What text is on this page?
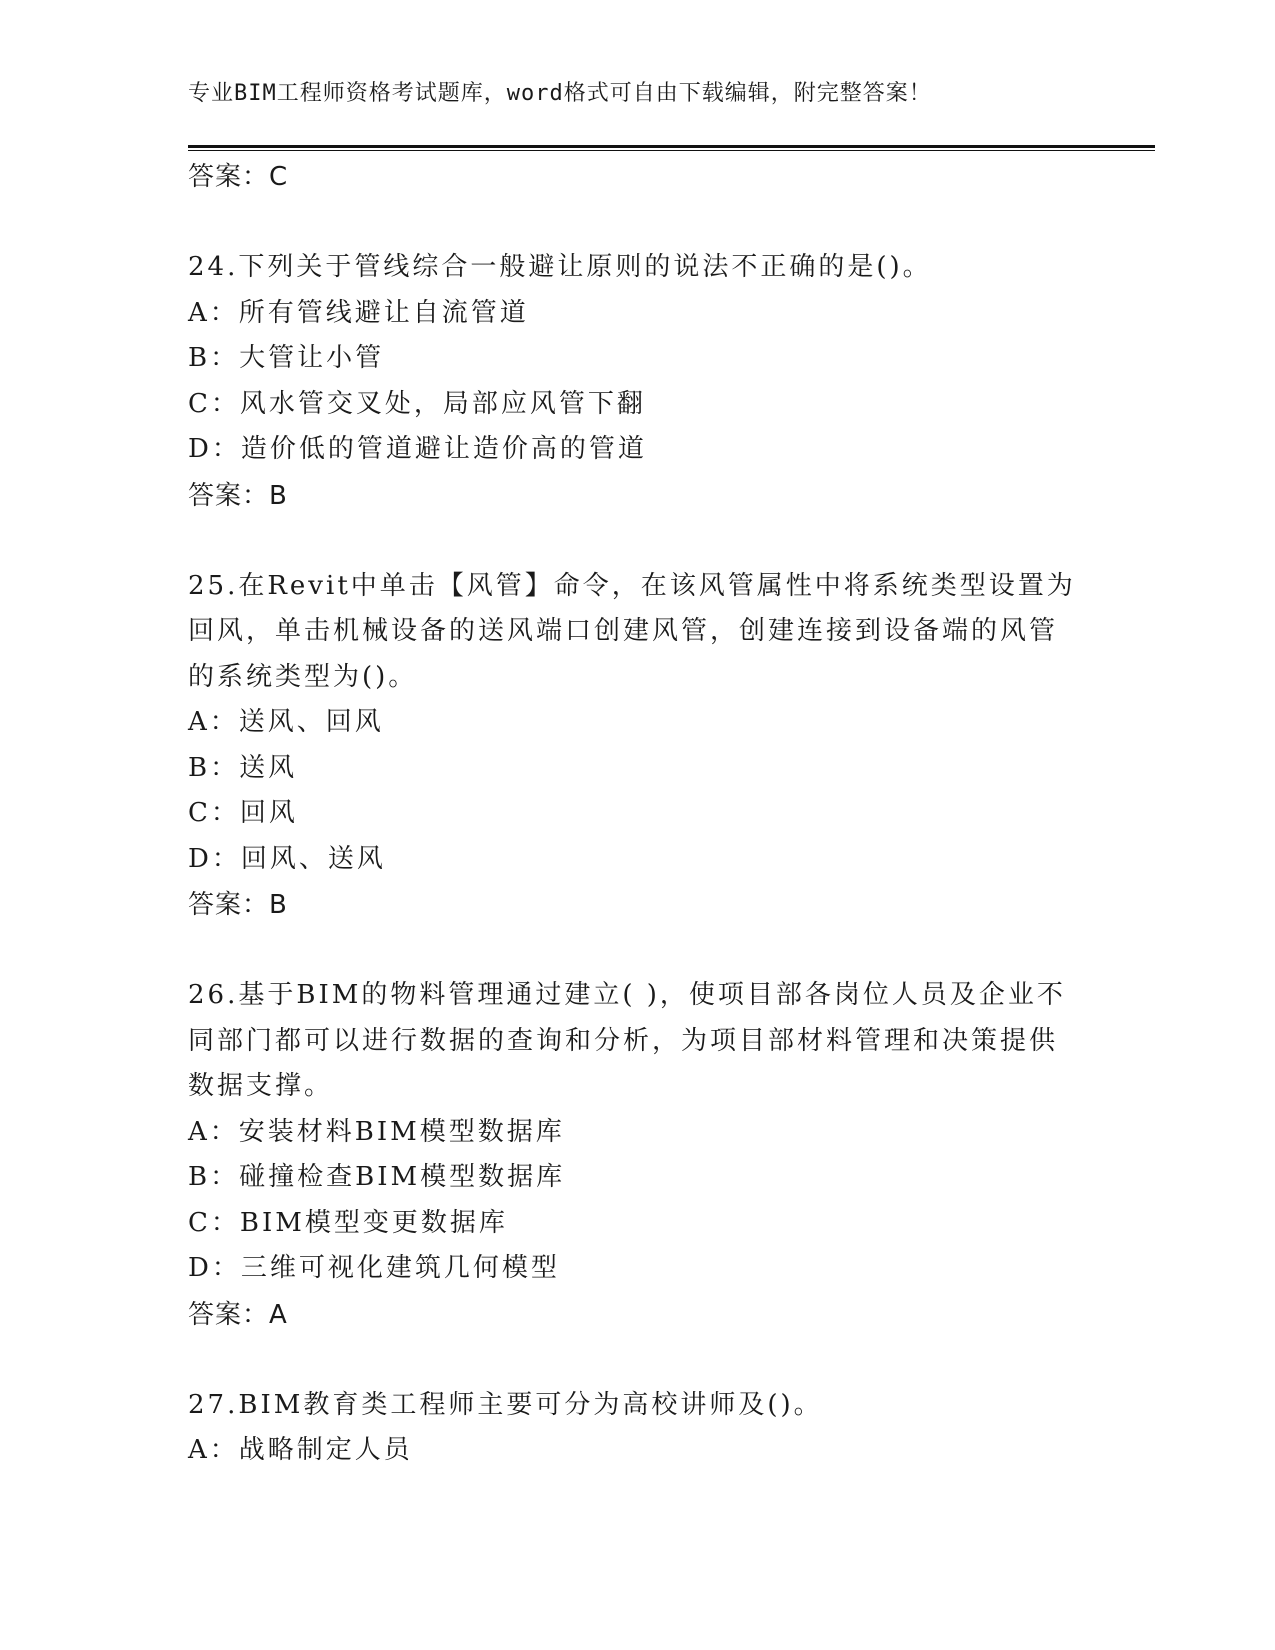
专业BIM工程师资格考试题库，word格式可自由下载编辑，附完整答案！
答案：C
24.下列关于管线综合一般避让原则的说法不正确的是()。
A：所有管线避让自流管道
B：大管让小管
C：风水管交叉处，局部应风管下翻
D：造价低的管道避让造价高的管道
答案：B
25.在Revit中单击【风管】命令，在该风管属性中将系统类型设置为
回风，单击机械设备的送风端口创建风管，创建连接到设备端的风管
的系统类型为()。
A：送风、回风
B：送风
C：回风
D：回风、送风
答案：B
26.基于BIM的物料管理通过建立( )，使项目部各岗位人员及企业不
同部门都可以进行数据的查询和分析，为项目部材料管理和决策提供
数据支撑。
A：安装材料BIM模型数据库
B：碰撞检查BIM模型数据库
C：BIM模型变更数据库
D：三维可视化建筑几何模型
答案：A
27.BIM教育类工程师主要可分为高校讲师及()。
A：战略制定人员
